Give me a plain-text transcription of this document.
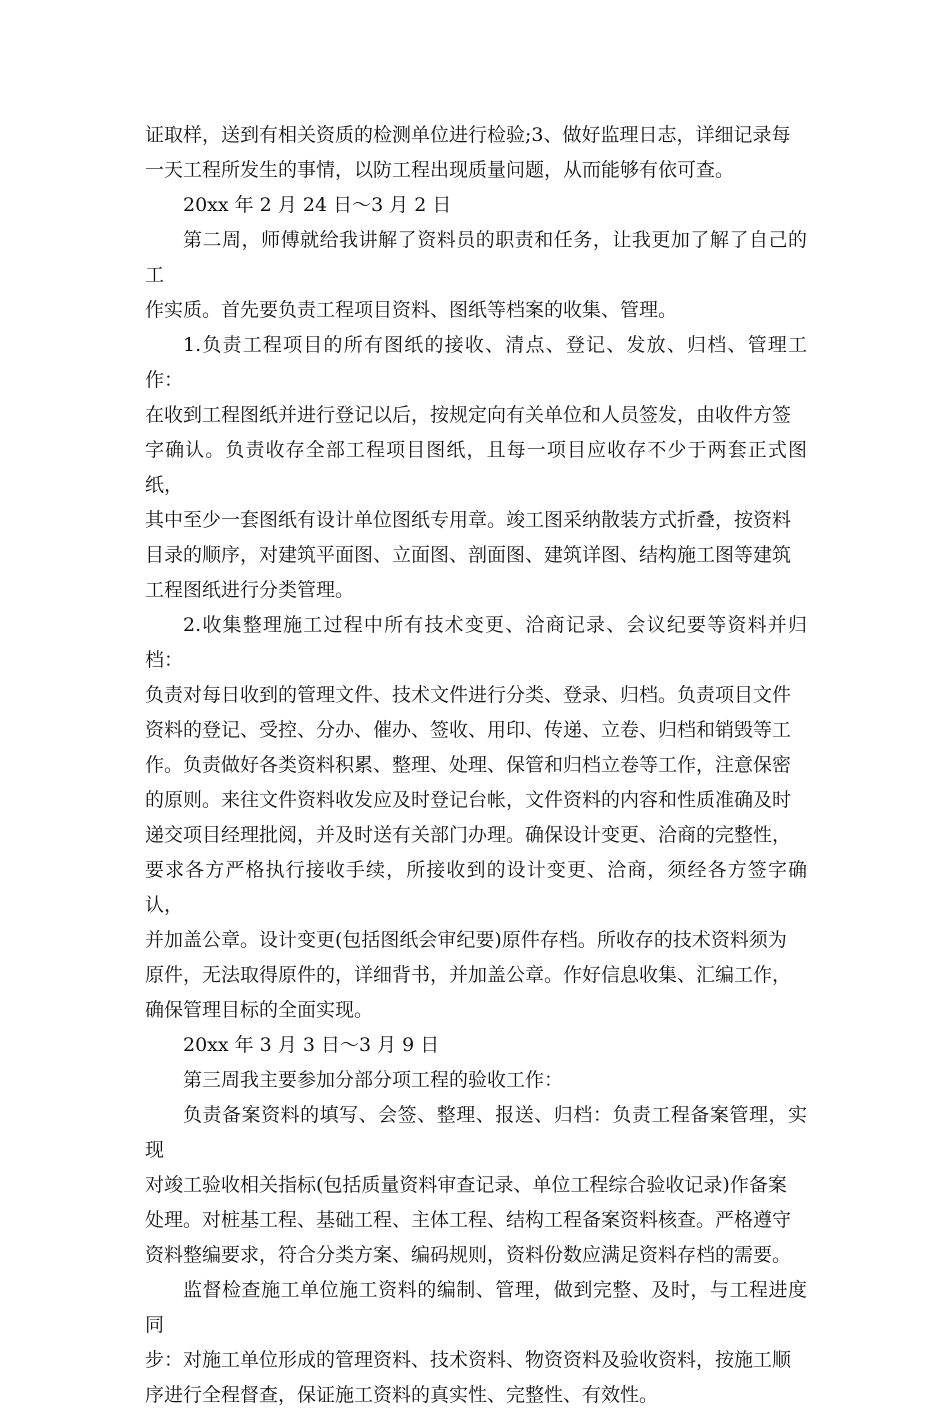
证取样，送到有相关资质的检测单位进行检验;3、做好监理日志，详细记录每
一天工程所发生的事情，以防工程出现质量问题，从而能够有依可查。

20xx 年 2 月 24 日～3 月 2 日

第二周，师傅就给我讲解了资料员的职责和任务，让我更加了解了自己的工
作实质。首先要负责工程项目资料、图纸等档案的收集、管理。

1.负责工程项目的所有图纸的接收、清点、登记、发放、归档、管理工作：
在收到工程图纸并进行登记以后，按规定向有关单位和人员签发，由收件方签
字确认。负责收存全部工程项目图纸，且每一项目应收存不少于两套正式图纸，
其中至少一套图纸有设计单位图纸专用章。竣工图采纳散装方式折叠，按资料
目录的顺序，对建筑平面图、立面图、剖面图、建筑详图、结构施工图等建筑
工程图纸进行分类管理。

2.收集整理施工过程中所有技术变更、洽商记录、会议纪要等资料并归档：
负责对每日收到的管理文件、技术文件进行分类、登录、归档。负责项目文件
资料的登记、受控、分办、催办、签收、用印、传递、立卷、归档和销毁等工
作。负责做好各类资料积累、整理、处理、保管和归档立卷等工作，注意保密
的原则。来往文件资料收发应及时登记台帐，文件资料的内容和性质准确及时
递交项目经理批阅，并及时送有关部门办理。确保设计变更、洽商的完整性，
要求各方严格执行接收手续，所接收到的设计变更、洽商，须经各方签字确认，
并加盖公章。设计变更(包括图纸会审纪要)原件存档。所收存的技术资料须为
原件，无法取得原件的，详细背书，并加盖公章。作好信息收集、汇编工作，
确保管理目标的全面实现。

20xx 年 3 月 3 日～3 月 9 日

第三周我主要参加分部分项工程的验收工作：

负责备案资料的填写、会签、整理、报送、归档：负责工程备案管理，实现
对竣工验收相关指标(包括质量资料审查记录、单位工程综合验收记录)作备案
处理。对桩基工程、基础工程、主体工程、结构工程备案资料核查。严格遵守
资料整编要求，符合分类方案、编码规则，资料份数应满足资料存档的需要。

监督检查施工单位施工资料的编制、管理，做到完整、及时，与工程进度同
步：对施工单位形成的管理资料、技术资料、物资资料及验收资料，按施工顺
序进行全程督查，保证施工资料的真实性、完整性、有效性。
